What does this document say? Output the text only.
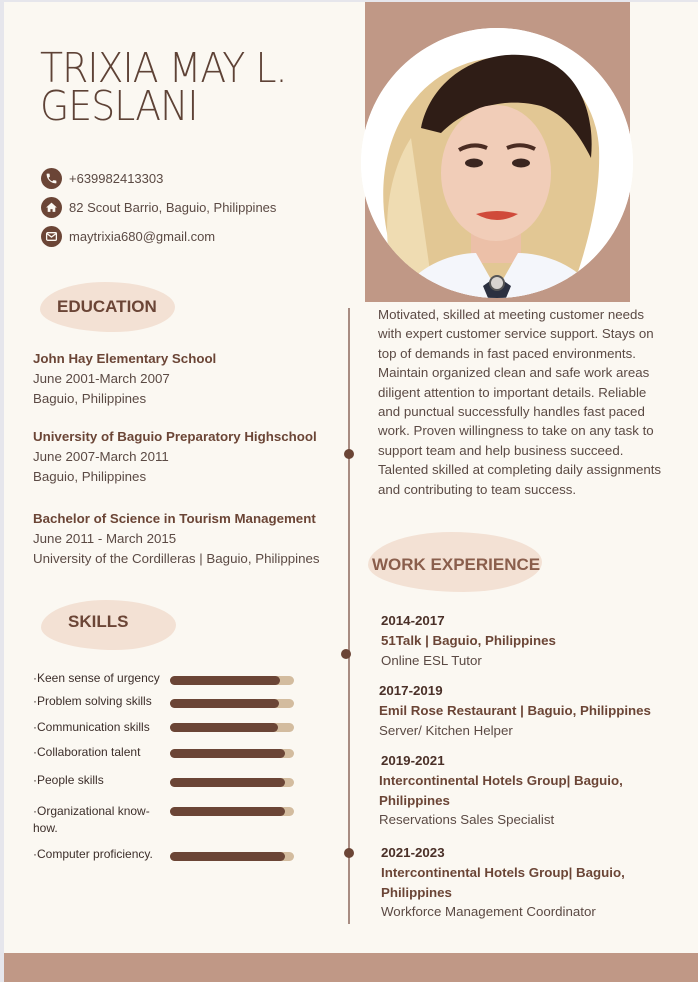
TRIXIA MAY L.
GESLANI
+639982413303
82 Scout Barrio, Baguio, Philippines
maytrixia680@gmail.com
EDUCATION
John Hay Elementary School
June 2001-March 2007
Baguio, Philippines
University of Baguio Preparatory Highschool
June 2007-March 2011
Baguio, Philippines
Bachelor of Science in Tourism Management
June 2011 - March 2015
University of the Cordilleras | Baguio, Philippines
SKILLS
·Keen sense of urgency
·Problem solving skills
·Communication skills
·Collaboration talent
·People skills
·Organizational know-how.
·Computer proficiency.
Motivated, skilled at meeting customer needs with expert customer service support. Stays on top of demands in fast paced environments. Maintain organized clean and safe work areas diligent attention to important details. Reliable and punctual successfully handles fast paced work. Proven willingness to take on any task to support team and help business succeed. Talented skilled at completing daily assignments and contributing to team success.
WORK EXPERIENCE
2014-2017
51Talk | Baguio, Philippines
Online ESL Tutor
2017-2019
Emil Rose Restaurant | Baguio, Philippines
Server/ Kitchen Helper
2019-2021
Intercontinental Hotels Group| Baguio, Philippines
Reservations Sales Specialist
2021-2023
Intercontinental Hotels Group| Baguio, Philippines
Workforce Management Coordinator
